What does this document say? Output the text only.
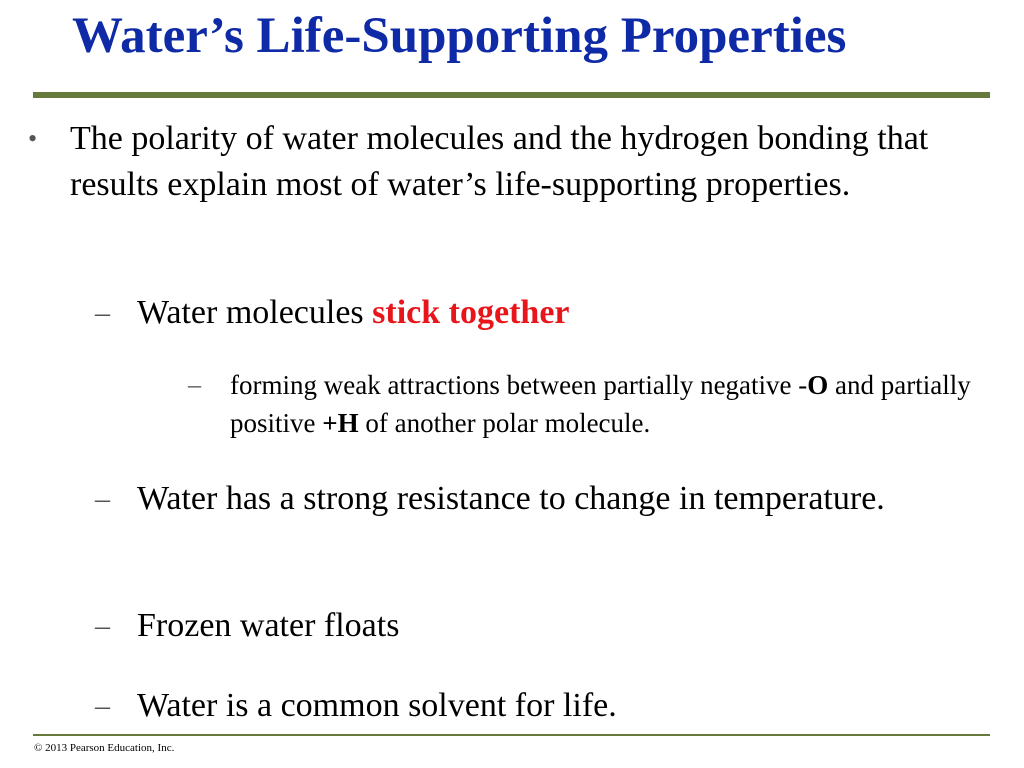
Water’s Life-Supporting Properties
• The polarity of water molecules and the hydrogen bonding that results explain most of water’s life-supporting properties.
– Water molecules stick together
– forming weak attractions between partially negative -O and partially positive +H of another polar molecule.
– Water has a strong resistance to change in temperature.
– Frozen water floats
– Water is a common solvent for life.
© 2013 Pearson Education, Inc.
